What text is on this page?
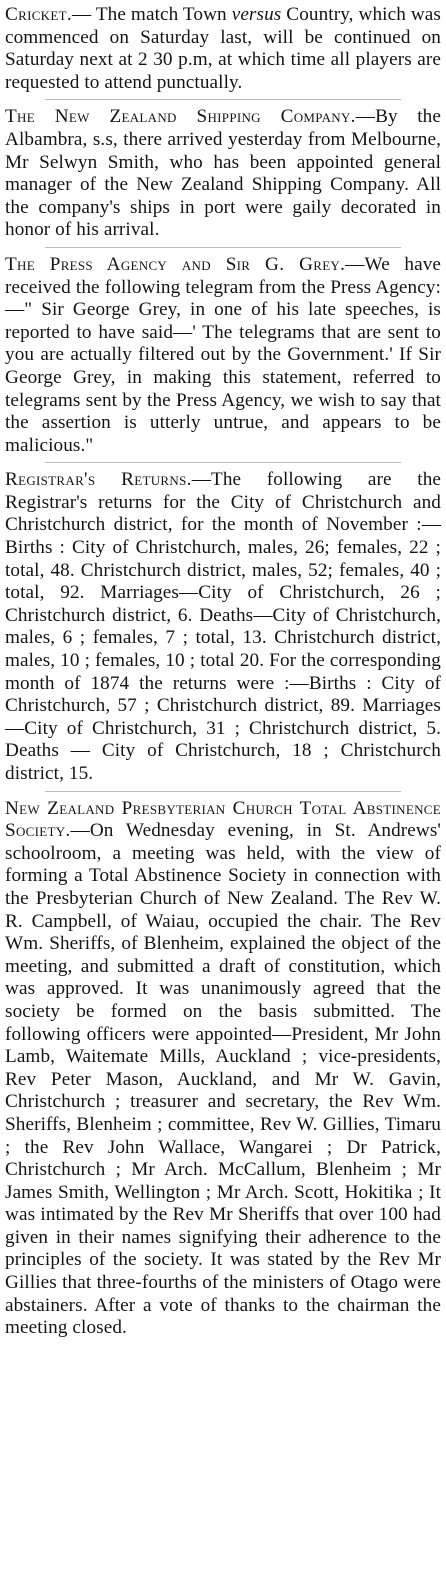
Cricket.— The match Town versus Country, which was commenced on Saturday last, will be continued on Saturday next at 2 30 p.m, at which time all players are requested to attend punctually.

The New Zealand Shipping Company.—By the Albambra, s.s, there arrived yesterday from Melbourne, Mr Selwyn Smith, who has been appointed general manager of the New Zealand Shipping Company. All the company's ships in port were gaily decorated in honor of his arrival.

The Press Agency and Sir G. Grey.—We have received the following telegram from the Press Agency:—" Sir George Grey, in one of his late speeches, is reported to have said—' The telegrams that are sent to you are actually filtered out by the Government.' If Sir George Grey, in making this statement, referred to telegrams sent by the Press Agency, we wish to say that the assertion is utterly untrue, and appears to be malicious."

Registrar's Returns.—The following are the Registrar's returns for the City of Christchurch and Christchurch district, for the month of November :—Births : City of Christchurch, males, 26; females, 22 ; total, 48. Christchurch district, males, 52; females, 40 ; total, 92. Marriages—City of Christchurch, 26 ; Christchurch district, 6. Deaths—City of Christchurch, males, 6 ; females, 7 ; total, 13. Christchurch district, males, 10 ; females, 10 ; total 20. For the corresponding month of 1874 the returns were :—Births : City of Christchurch, 57 ; Christchurch district, 89. Marriages—City of Christchurch, 31 ; Christchurch district, 5. Deaths — City of Christchurch, 18 ; Christchurch district, 15.

New Zealand Presbyterian Church Total Abstinence Society.—On Wednesday evening, in St. Andrews' schoolroom, a meeting was held, with the view of forming a Total Abstinence Society in connection with the Presbyterian Church of New Zealand. The Rev W. R. Campbell, of Waiau, occupied the chair. The Rev Wm. Sheriffs, of Blenheim, explained the object of the meeting, and submitted a draft of constitution, which was approved. It was unanimously agreed that the society be formed on the basis submitted. The following officers were appointed—President, Mr John Lamb, Waitemate Mills, Auckland ; vice-presidents, Rev Peter Mason, Auckland, and Mr W. Gavin, Christchurch ; treasurer and secretary, the Rev Wm. Sheriffs, Blenheim ; committee, Rev W. Gillies, Timaru ; the Rev John Wallace, Wangarei ; Dr Patrick, Christchurch ; Mr Arch. McCallum, Blenheim ; Mr James Smith, Wellington ; Mr Arch. Scott, Hokitika ; It was intimated by the Rev Mr Sheriffs that over 100 had given in their names signifying their adherence to the principles of the society. It was stated by the Rev Mr Gillies that three-fourths of the ministers of Otago were abstainers. After a vote of thanks to the chairman the meeting closed.
